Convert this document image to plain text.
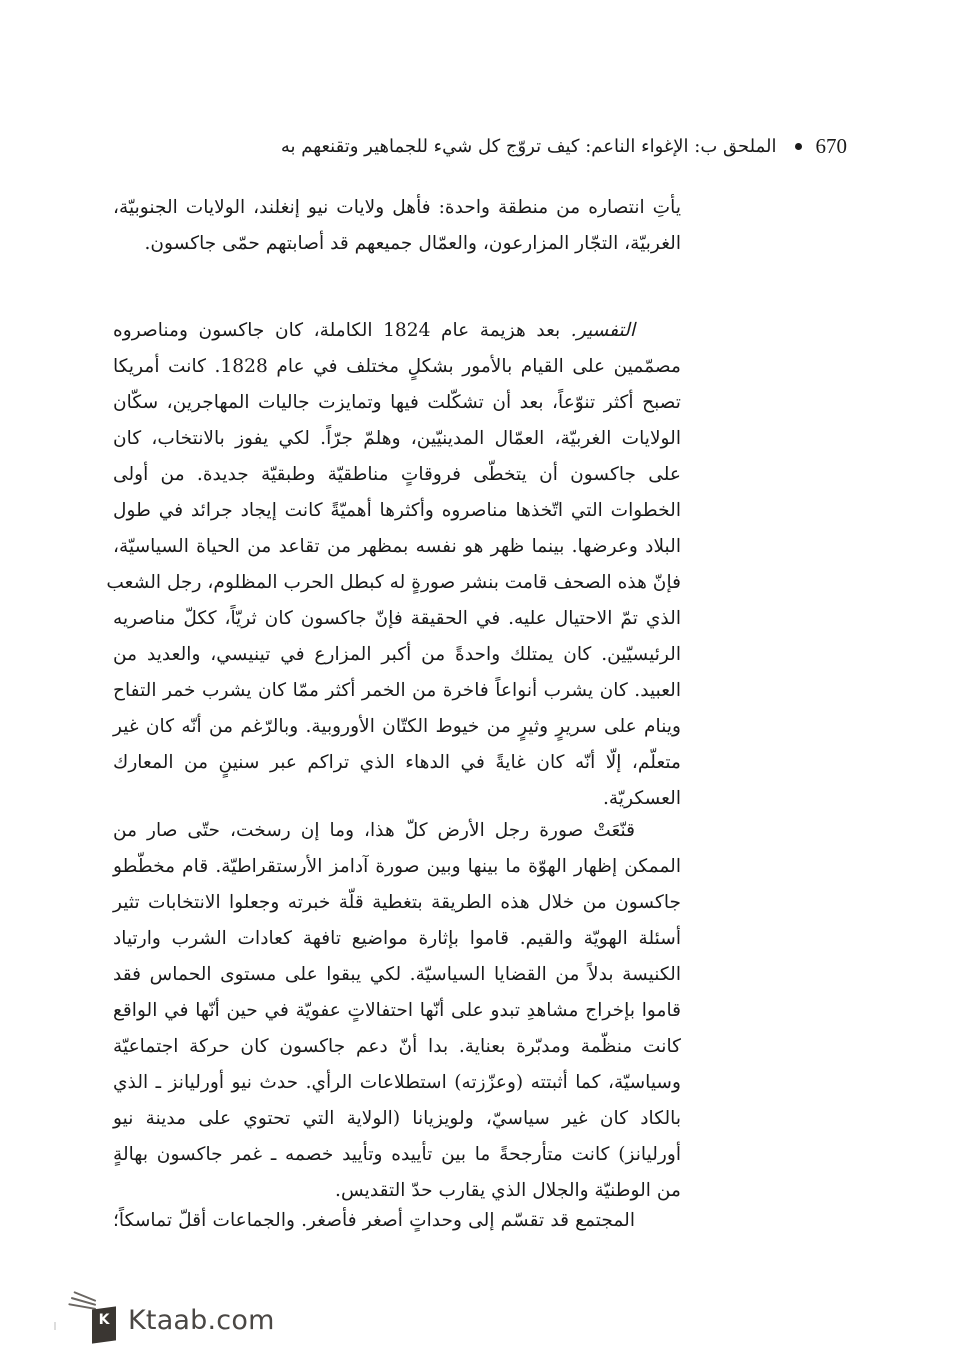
670
الملحق ب: الإغواء الناعم: كيف تروّج كل شيء للجماهير وتقنعهم به
يأتِ انتصاره من منطقة واحدة: فأهل ولايات نيو إنغلند، الولايات الجنوبيّة،
الغربيّة، التجّار المزارعون، والعمّال جميعهم قد أصابتهم حمّى جاكسون.
التفسير. بعد هزيمة عام 1824 الكاملة، كان جاكسون ومناصروه
مصمّمين على القيام بالأمور بشكلٍ مختلف في عام 1828. كانت أمريكا
تصبح أكثر تنوّعاً، بعد أن تشكّلت فيها وتمايزت جاليات المهاجرين، سكّان
الولايات الغربيّة، العمّال المدينيّين، وهلمّ جرّاً. لكي يفوز بالانتخاب، كان
على جاكسون أن يتخطّى فروقاتٍ مناطقيّة وطبقيّة جديدة. من أولى
الخطوات التي اتّخذها مناصروه وأكثرها أهميّةً كانت إيجاد جرائد في طول
البلاد وعرضها. بينما ظهر هو نفسه بمظهر من تقاعد من الحياة السياسيّة،
فإنّ هذه الصحف قامت بنشر صورةٍ له كبطل الحرب المظلوم، رجل الشعب
الذي تمّ الاحتيال عليه. في الحقيقة فإنّ جاكسون كان ثريّاً، ككلّ مناصريه
الرئيسيّين. كان يمتلك واحدةً من أكبر المزارع في تينيسي، والعديد من
العبيد. كان يشرب أنواعاً فاخرة من الخمر أكثر ممّا كان يشرب خمر التفاح
وينام على سريرٍ وثيرٍ من خيوط الكتّان الأوروبية. وبالرّغم من أنّه كان غير
متعلّم، إلّا أنّه كان غايةً في الدهاء الذي تراكم عبر سنينٍ من المعارك
العسكريّة.
قنّعَتْ صورة رجل الأرض كلّ هذا، وما إن رسخت، حتّى صار من
الممكن إظهار الهوّة ما بينها وبين صورة آدامز الأرستقراطيّة. قام مخطّطو
جاكسون من خلال هذه الطريقة بتغطية قلّة خبرته وجعلوا الانتخابات تثير
أسئلة الهويّة والقيم. قاموا بإثارة مواضيع تافهة كعادات الشرب وارتياد
الكنيسة بدلاً من القضايا السياسيّة. لكي يبقوا على مستوى الحماس فقد
قاموا بإخراج مشاهدِ تبدو على أنّها احتفالاتٍ عفويّة في حين أنّها في الواقع
كانت منظّمة ومدبّرة بعناية. بدا أنّ دعم جاكسون كان حركة اجتماعيّة
وسياسيّة، كما أثبتته (وعزّزته) استطلاعات الرأي. حدث نيو أورليانز ـ الذي
بالكاد كان غير سياسيّ، ولويزيانا (الولاية التي تحتوي على مدينة نيو
أورليانز) كانت متأرجحةً ما بين تأييده وتأييد خصمه ـ غمر جاكسون بهالةٍ
من الوطنيّة والجلال الذي يقارب حدّ التقديس.
المجتمع قد تقسّم إلى وحداتٍ أصغر فأصغر. والجماعات أقلّ تماسكاً؛
K Ktaab.com
